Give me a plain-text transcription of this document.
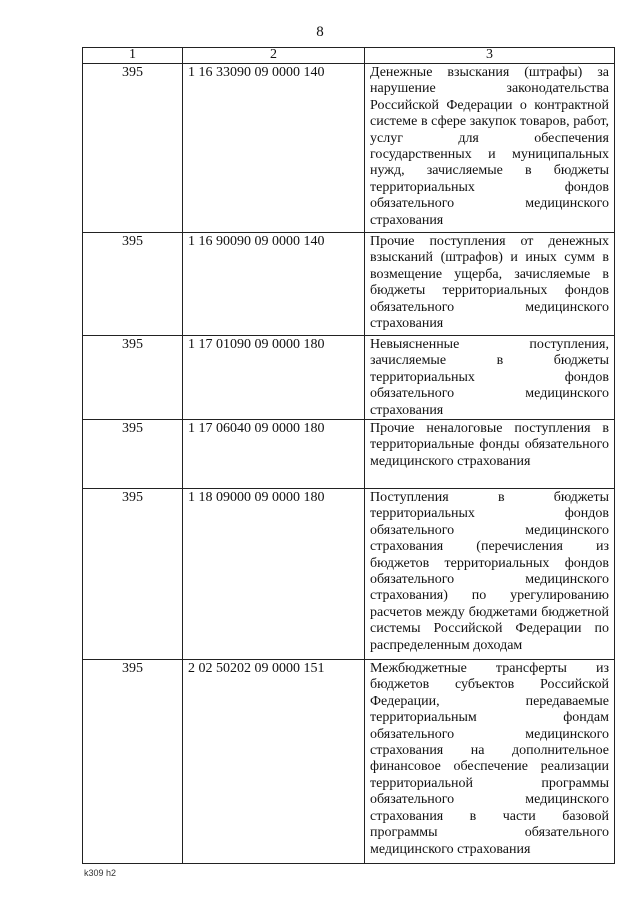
8
1	2	3
395	1 16 33090 09 0000 140	Денежные взыскания (штрафы) за нарушение законодательства Российской Федерации о контрактной системе в сфере закупок товаров, работ, услуг для обеспечения государственных и муниципальных нужд, зачисляемые в бюджеты территориальных фондов обязательного медицинского страхования
395	1 16 90090 09 0000 140	Прочие поступления от денежных взысканий (штрафов) и иных сумм в возмещение ущерба, зачисляемые в бюджеты территориальных фондов обязательного медицинского страхования
395	1 17 01090 09 0000 180	Невыясненные поступления, зачисляемые в бюджеты территориальных фондов обязательного медицинского страхования
395	1 17 06040 09 0000 180	Прочие неналоговые поступления в территориальные фонды обязательного медицинского страхования
395	1 18 09000 09 0000 180	Поступления в бюджеты территориальных фондов обязательного медицинского страхования (перечисления из бюджетов территориальных фондов обязательного медицинского страхования) по урегулированию расчетов между бюджетами бюджетной системы Российской Федерации по распределенным доходам
395	2 02 50202 09 0000 151	Межбюджетные трансферты из бюджетов субъектов Российской Федерации, передаваемые территориальным фондам обязательного медицинского страхования на дополнительное финансовое обеспечение реализации территориальной программы обязательного медицинского страхования в части базовой программы обязательного медицинского страхования
k309 h2
